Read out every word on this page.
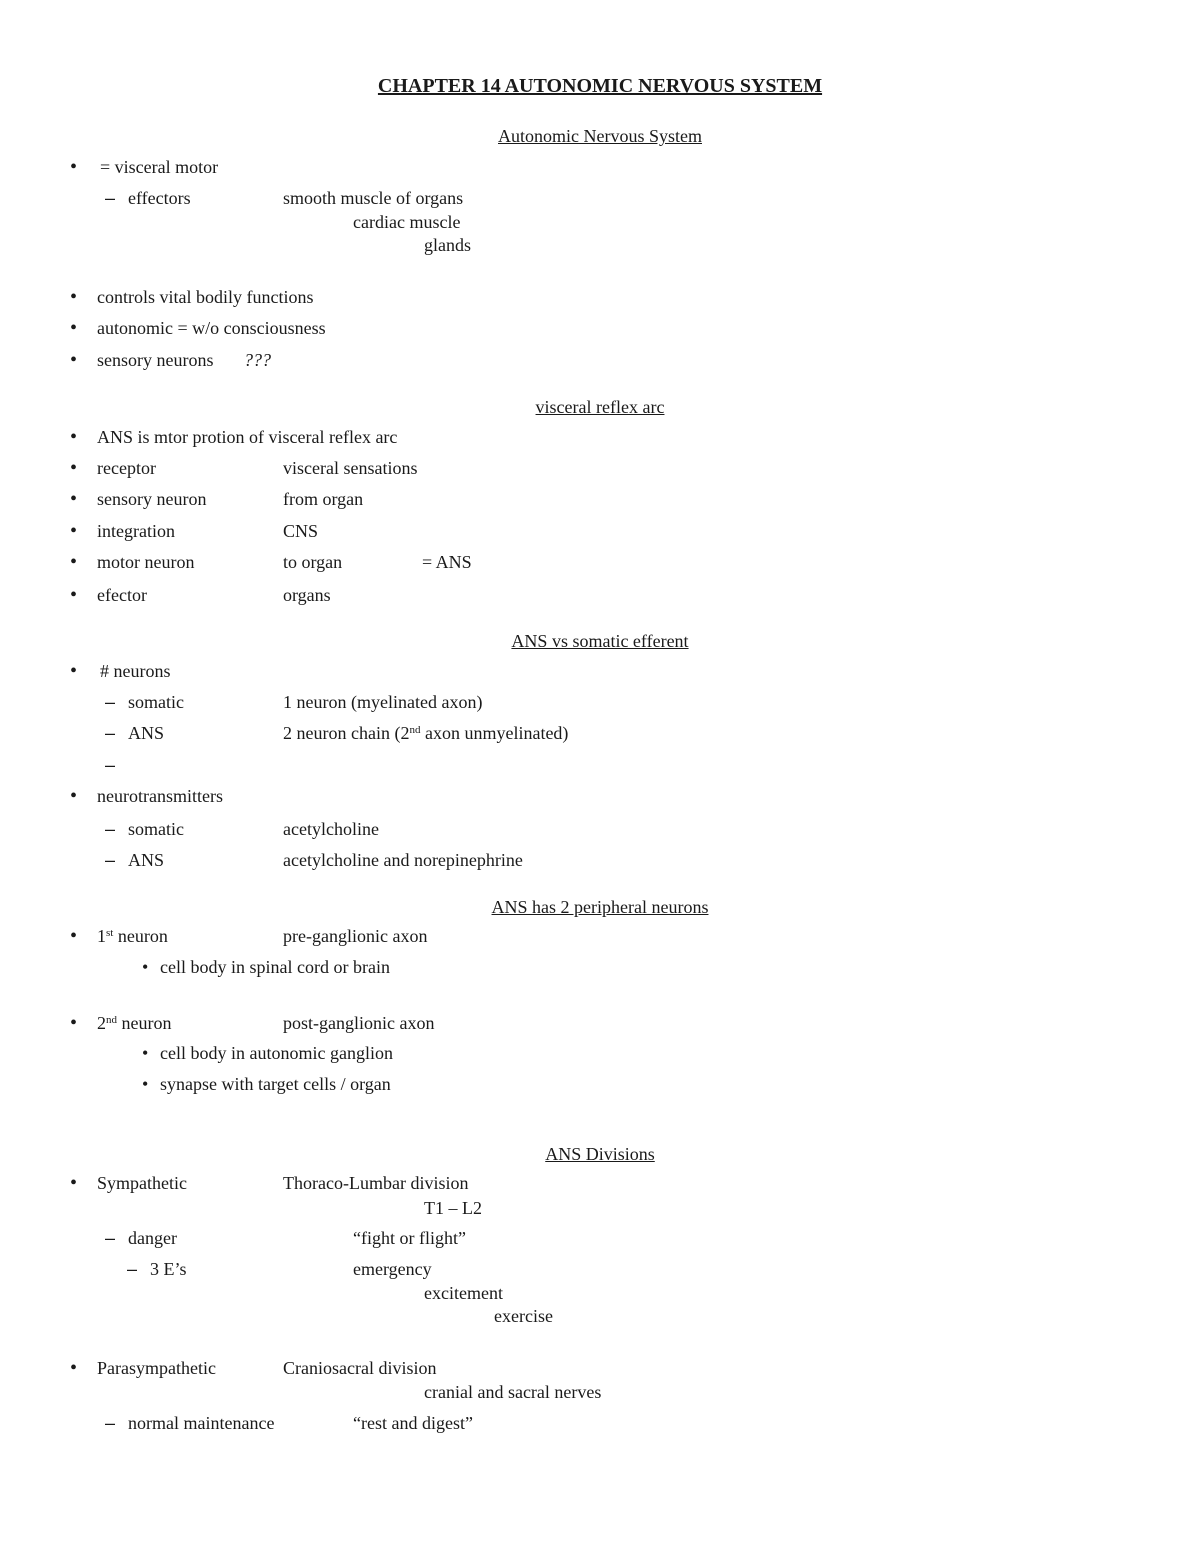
CHAPTER 14 AUTONOMIC NERVOUS SYSTEM
Autonomic Nervous System
• = visceral motor
– effectors	smooth muscle of organs
cardiac muscle
glands
• controls vital bodily functions
• autonomic = w/o consciousness
• sensory neurons ???
visceral reflex arc
• ANS is mtor protion of visceral reflex arc
• receptor	visceral sensations
• sensory neuron	from organ
• integration	CNS
• motor neuron	to organ	= ANS
• efector	organs
ANS vs somatic efferent
• # neurons
– somatic	1 neuron (myelinated axon)
– ANS	2 neuron chain (2nd axon unmyelinated)
–
• neurotransmitters
– somatic	acetylcholine
– ANS	acetylcholine and norepinephrine
ANS has 2 peripheral neurons
• 1st neuron	pre-ganglionic axon
• cell body in spinal cord or brain
• 2nd neuron	post-ganglionic axon
• cell body in autonomic ganglion
• synapse with target cells / organ
ANS Divisions
• Sympathetic	Thoraco-Lumbar division
T1 – L2
– danger	“fight or flight”
– 3 E’s	emergency
excitement
exercise
• Parasympathetic	Craniosacral division
cranial and sacral nerves
– normal maintenance	“rest and digest”
